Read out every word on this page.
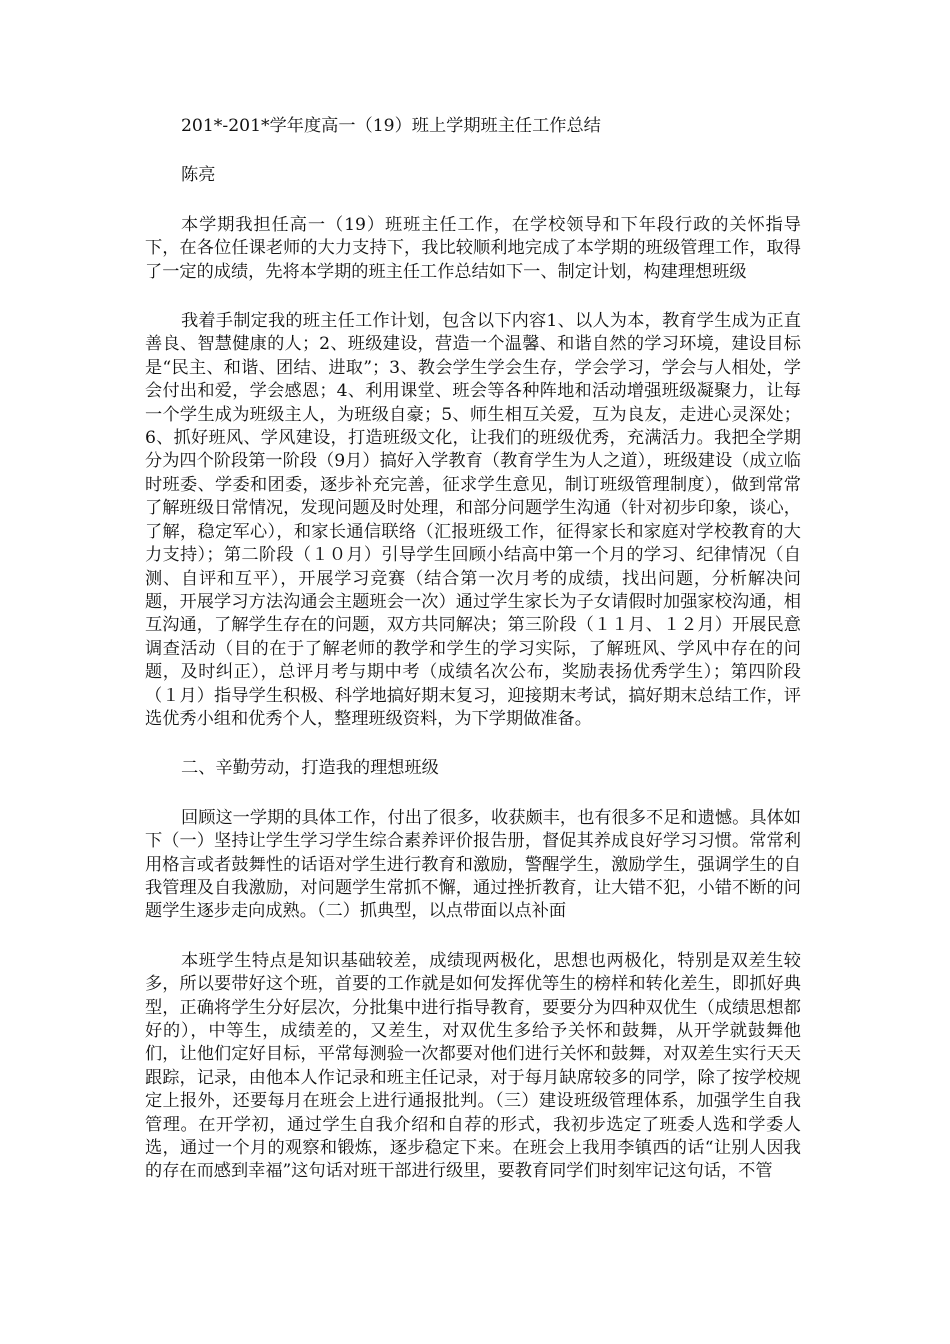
201*-201*学年度高一（19）班上学期班主任工作总结

陈亮

本学期我担任高一（19）班班主任工作，在学校领导和下年段行政的关怀指导下，在各位任课老师的大力支持下，我比较顺利地完成了本学期的班级管理工作，取得了一定的成绩，先将本学期的班主任工作总结如下一、制定计划，构建理想班级

我着手制定我的班主任工作计划，包含以下内容1、以人为本，教育学生成为正直善良、智慧健康的人；2、班级建设，营造一个温馨、和谐自然的学习环境，建设目标是“民主、和谐、团结、进取”；3、教会学生学会生存，学会学习，学会与人相处，学会付出和爱，学会感恩；4、利用课堂、班会等各种阵地和活动增强班级凝聚力，让每一个学生成为班级主人，为班级自豪；5、师生相互关爱，互为良友，走进心灵深处；6、抓好班风、学风建设，打造班级文化，让我们的班级优秀，充满活力。我把全学期分为四个阶段第一阶段（9月）搞好入学教育（教育学生为人之道），班级建设（成立临时班委、学委和团委，逐步补充完善，征求学生意见，制订班级管理制度），做到常常了解班级日常情况，发现问题及时处理，和部分问题学生沟通（针对初步印象，谈心，了解，稳定军心），和家长通信联络（汇报班级工作，征得家长和家庭对学校教育的大力支持）；第二阶段（１０月）引导学生回顾小结高中第一个月的学习、纪律情况（自测、自评和互平），开展学习竞赛（结合第一次月考的成绩，找出问题，分析解决问题，开展学习方法沟通会主题班会一次）通过学生家长为子女请假时加强家校沟通，相互沟通，了解学生存在的问题，双方共同解决；第三阶段（１１月、１２月）开展民意调查活动（目的在于了解老师的教学和学生的学习实际，了解班风、学风中存在的问题，及时纠正），总评月考与期中考（成绩名次公布，奖励表扬优秀学生）；第四阶段（１月）指导学生积极、科学地搞好期末复习，迎接期末考试，搞好期末总结工作，评选优秀小组和优秀个人，整理班级资料，为下学期做准备。

二、辛勤劳动，打造我的理想班级

回顾这一学期的具体工作，付出了很多，收获颇丰，也有很多不足和遗憾。具体如下（一）坚持让学生学习学生综合素养评价报告册，督促其养成良好学习习惯。常常利用格言或者鼓舞性的话语对学生进行教育和激励，警醒学生，激励学生，强调学生的自我管理及自我激励，对问题学生常抓不懈，通过挫折教育，让大错不犯，小错不断的问题学生逐步走向成熟。（二）抓典型，以点带面以点补面

本班学生特点是知识基础较差，成绩现两极化，思想也两极化，特别是双差生较多，所以要带好这个班，首要的工作就是如何发挥优等生的榜样和转化差生，即抓好典型，正确将学生分好层次，分批集中进行指导教育，要要分为四种双优生（成绩思想都好的），中等生，成绩差的，又差生，对双优生多给予关怀和鼓舞，从开学就鼓舞他们，让他们定好目标，平常每测验一次都要对他们进行关怀和鼓舞，对双差生实行天天跟踪，记录，由他本人作记录和班主任记录，对于每月缺席较多的同学，除了按学校规定上报外，还要每月在班会上进行通报批判。（三）建设班级管理体系，加强学生自我管理。在开学初，通过学生自我介绍和自荐的形式，我初步选定了班委人选和学委人选，通过一个月的观察和锻炼，逐步稳定下来。在班会上我用李镇西的话“让别人因我的存在而感到幸福”这句话对班干部进行级里，要教育同学们时刻牢记这句话，不管
